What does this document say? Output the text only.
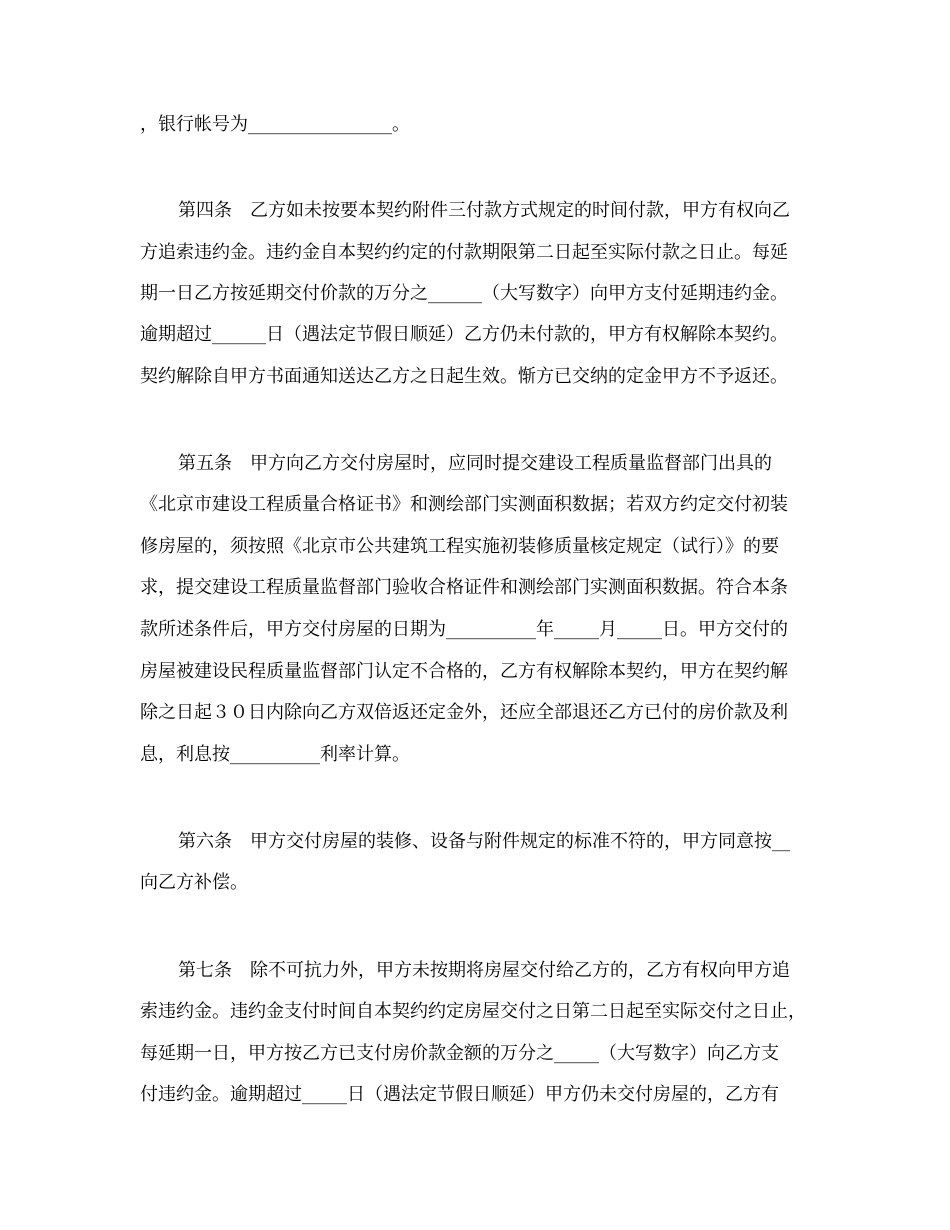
，银行帐号为________________。
第四条　乙方如未按要本契约附件三付款方式规定的时间付款，甲方有权向乙
方追索违约金。违约金自本契约约定的付款期限第二日起至实际付款之日止。每延
期一日乙方按延期交付价款的万分之______（大写数字）向甲方支付延期违约金。
逾期超过______日（遇法定节假日顺延）乙方仍未付款的，甲方有权解除本契约。
契约解除自甲方书面通知送达乙方之日起生效。惭方已交纳的定金甲方不予返还。
第五条　甲方向乙方交付房屋时，应同时提交建设工程质量监督部门出具的
《北京市建设工程质量合格证书》和测绘部门实测面积数据；若双方约定交付初装
修房屋的，须按照《北京市公共建筑工程实施初装修质量核定规定（试行）》的要
求，提交建设工程质量监督部门验收合格证件和测绘部门实测面积数据。符合本条
款所述条件后，甲方交付房屋的日期为__________年_____月_____日。甲方交付的
房屋被建设民程质量监督部门认定不合格的，乙方有权解除本契约，甲方在契约解
除之日起３０日内除向乙方双倍返还定金外，还应全部退还乙方已付的房价款及利
息，利息按__________利率计算。
第六条　甲方交付房屋的装修、设备与附件规定的标准不符的，甲方同意按__
向乙方补偿。
第七条　除不可抗力外，甲方未按期将房屋交付给乙方的，乙方有权向甲方追
索违约金。违约金支付时间自本契约约定房屋交付之日第二日起至实际交付之日止，
每延期一日，甲方按乙方已支付房价款金额的万分之_____（大写数字）向乙方支
付违约金。逾期超过_____日（遇法定节假日顺延）甲方仍未交付房屋的，乙方有
